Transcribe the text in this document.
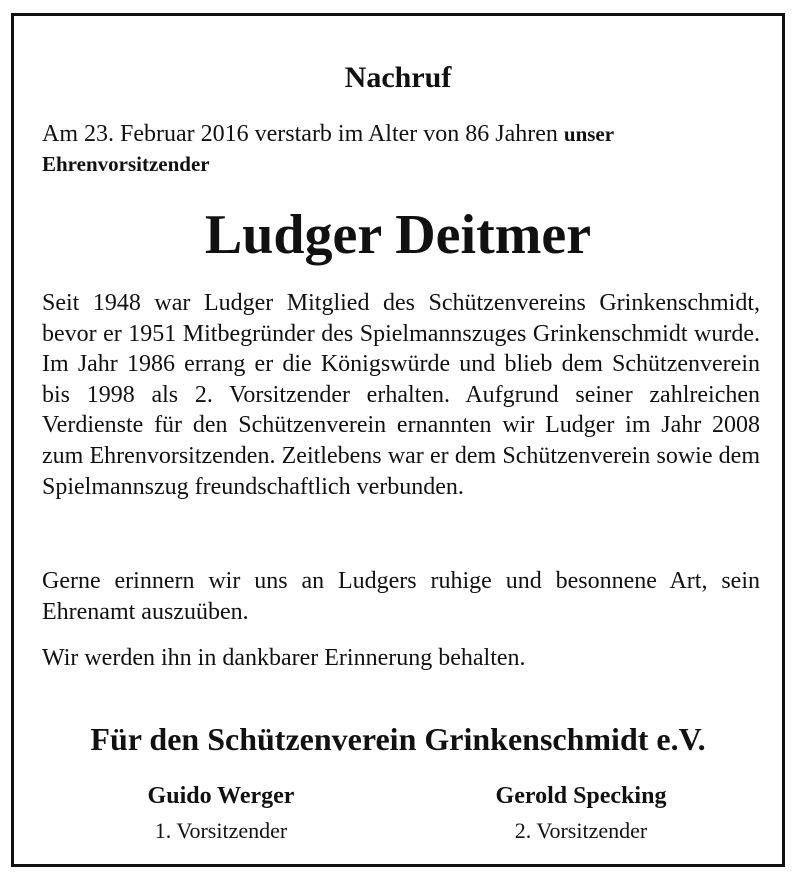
Nachruf

Am 23. Februar 2016 verstarb im Alter von 86 Jahren unser Ehrenvorsitzender

Ludger Deitmer

Seit 1948 war Ludger Mitglied des Schützenvereins Grinkenschmidt, bevor er 1951 Mitbegründer des Spielmannszuges Grinkenschmidt wurde. Im Jahr 1986 errang er die Königswürde und blieb dem Schützenverein bis 1998 als 2. Vorsitzender erhalten. Aufgrund seiner zahlreichen Verdienste für den Schützenverein ernannten wir Ludger im Jahr 2008 zum Ehrenvorsitzenden. Zeitlebens war er dem Schützenverein sowie dem Spielmannszug freundschaftlich verbunden.

Gerne erinnern wir uns an Ludgers ruhige und besonnene Art, sein Ehrenamt auszuüben.

Wir werden ihn in dankbarer Erinnerung behalten.

Für den Schützenverein Grinkenschmidt e.V.
Guido Werger
1. Vorsitzender
Gerold Specking
2. Vorsitzender
